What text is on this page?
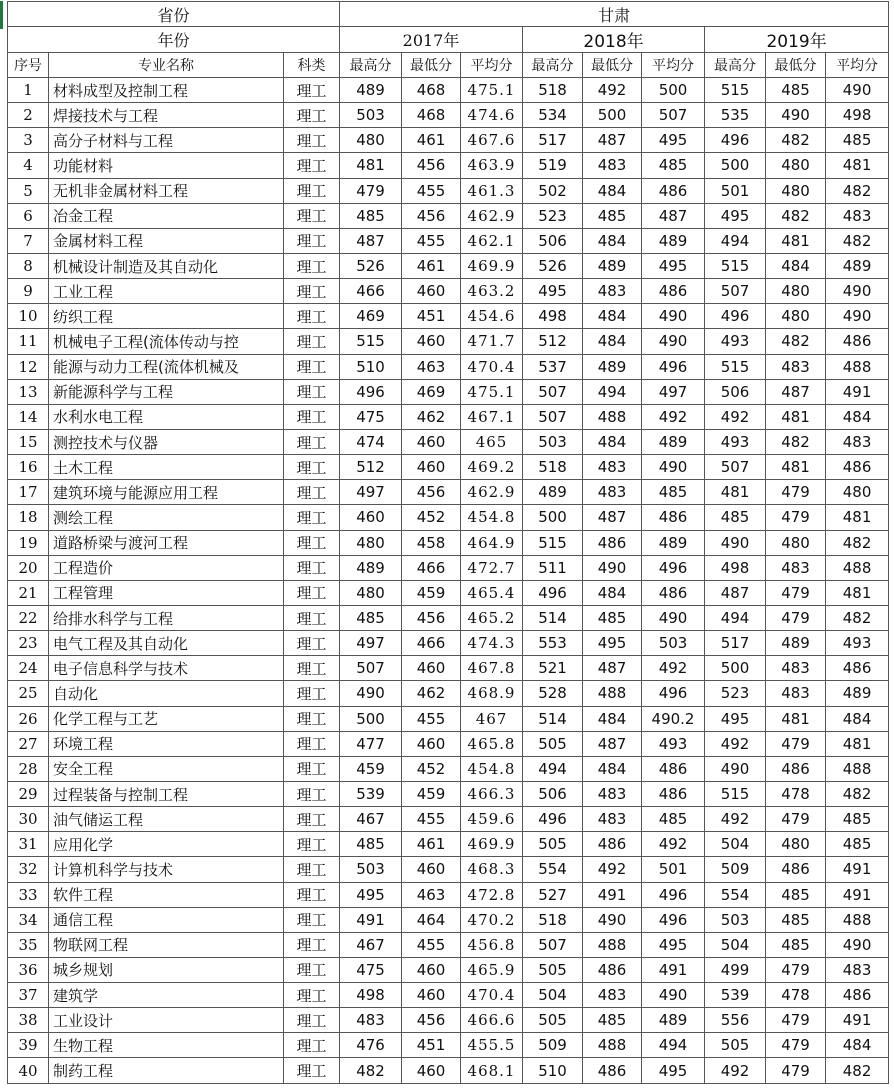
省份			甘肃								
年份			2017年			2018年			2019年		
序号	专业名称	科类	最高分	最低分	平均分	最高分	最低分	平均分	最高分	最低分	平均分
1	材料成型及控制工程	理工	489	468	475.1	518	492	500	515	485	490
2	焊接技术与工程	理工	503	468	474.6	534	500	507	535	490	498
3	高分子材料与工程	理工	480	461	467.6	517	487	495	496	482	485
4	功能材料	理工	481	456	463.9	519	483	485	500	480	481
5	无机非金属材料工程	理工	479	455	461.3	502	484	486	501	480	482
6	冶金工程	理工	485	456	462.9	523	485	487	495	482	483
7	金属材料工程	理工	487	455	462.1	506	484	489	494	481	482
8	机械设计制造及其自动化	理工	526	461	469.9	526	489	495	515	484	489
9	工业工程	理工	466	460	463.2	495	483	486	507	480	490
10	纺织工程	理工	469	451	454.6	498	484	490	496	480	490
11	机械电子工程(流体传动与控	理工	515	460	471.7	512	484	490	493	482	486
12	能源与动力工程(流体机械及	理工	510	463	470.4	537	489	496	515	483	488
13	新能源科学与工程	理工	496	469	475.1	507	494	497	506	487	491
14	水利水电工程	理工	475	462	467.1	507	488	492	492	481	484
15	测控技术与仪器	理工	474	460	465	503	484	489	493	482	483
16	土木工程	理工	512	460	469.2	518	483	490	507	481	486
17	建筑环境与能源应用工程	理工	497	456	462.9	489	483	485	481	479	480
18	测绘工程	理工	460	452	454.8	500	487	486	485	479	481
19	道路桥梁与渡河工程	理工	480	458	464.9	515	486	489	490	480	482
20	工程造价	理工	489	466	472.7	511	490	496	498	483	488
21	工程管理	理工	480	459	465.4	496	484	486	487	479	481
22	给排水科学与工程	理工	485	456	465.2	514	485	490	494	479	482
23	电气工程及其自动化	理工	497	466	474.3	553	495	503	517	489	493
24	电子信息科学与技术	理工	507	460	467.8	521	487	492	500	483	486
25	自动化	理工	490	462	468.9	528	488	496	523	483	489
26	化学工程与工艺	理工	500	455	467	514	484	490.2	495	481	484
27	环境工程	理工	477	460	465.8	505	487	493	492	479	481
28	安全工程	理工	459	452	454.8	494	484	486	490	486	488
29	过程装备与控制工程	理工	539	459	466.3	506	483	486	515	478	482
30	油气储运工程	理工	467	455	459.6	496	483	485	492	479	485
31	应用化学	理工	485	461	469.9	505	486	492	504	480	485
32	计算机科学与技术	理工	503	460	468.3	554	492	501	509	486	491
33	软件工程	理工	495	463	472.8	527	491	496	554	485	491
34	通信工程	理工	491	464	470.2	518	490	496	503	485	488
35	物联网工程	理工	467	455	456.8	507	488	495	504	485	490
36	城乡规划	理工	475	460	465.9	505	486	491	499	479	483
37	建筑学	理工	498	460	470.4	504	483	490	539	478	486
38	工业设计	理工	483	456	466.6	505	485	489	556	479	491
39	生物工程	理工	476	451	455.5	509	488	494	505	479	484
40	制药工程	理工	482	460	468.1	510	486	495	492	479	482
